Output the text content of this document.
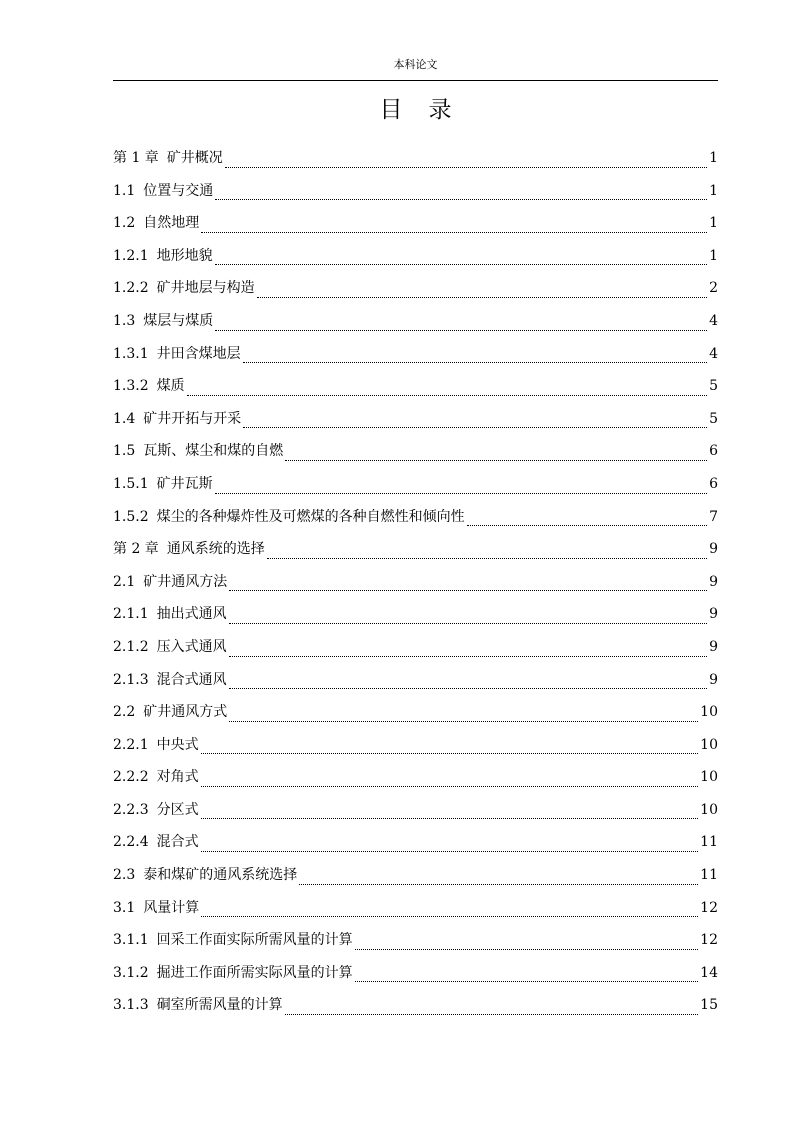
本科论文
目录
第 1 章 矿井概况	1
1.1 位置与交通	1
1.2 自然地理	1
1.2.1 地形地貌	1
1.2.2 矿井地层与构造	2
1.3 煤层与煤质	4
1.3.1 井田含煤地层	4
1.3.2 煤质	5
1.4 矿井开拓与开采	5
1.5 瓦斯、煤尘和煤的自燃	6
1.5.1 矿井瓦斯	6
1.5.2 煤尘的各种爆炸性及可燃煤的各种自燃性和倾向性	7
第 2 章 通风系统的选择	9
2.1 矿井通风方法	9
2.1.1 抽出式通风	9
2.1.2 压入式通风	9
2.1.3 混合式通风	9
2.2 矿井通风方式	10
2.2.1 中央式	10
2.2.2 对角式	10
2.2.3 分区式	10
2.2.4 混合式	11
2.3 泰和煤矿的通风系统选择	11
3.1 风量计算	12
3.1.1 回采工作面实际所需风量的计算	12
3.1.2 掘进工作面所需实际风量的计算	14
3.1.3 硐室所需风量的计算	15
